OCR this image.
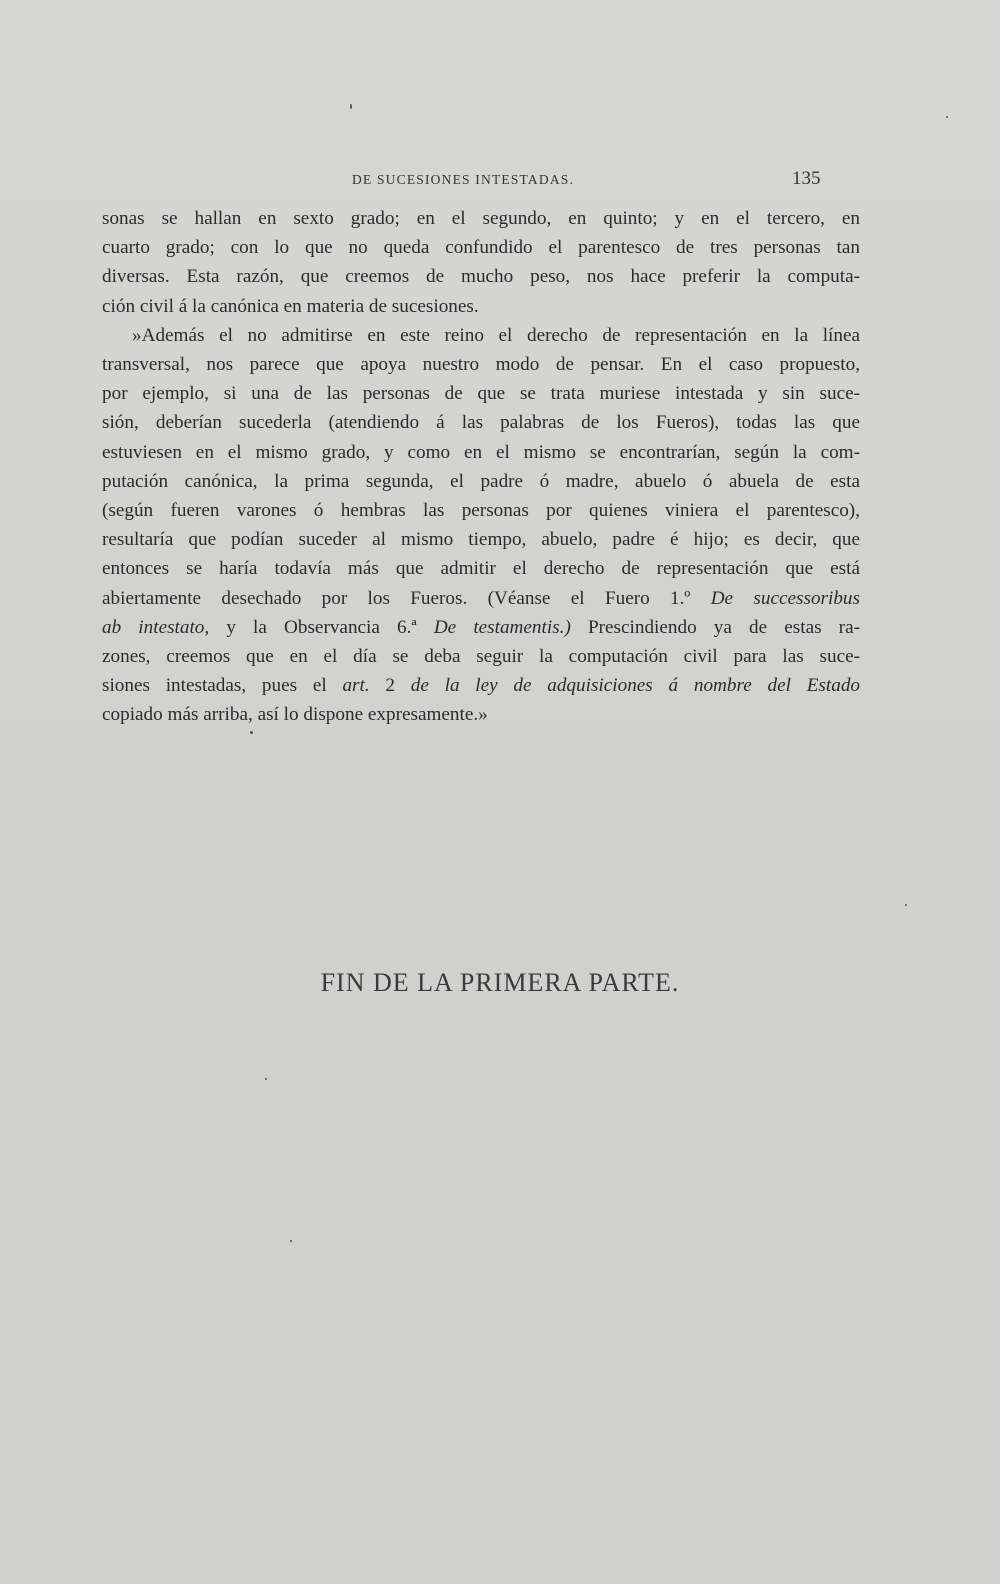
DE SUCESIONES INTESTADAS.	135
sonas se hallan en sexto grado; en el segundo, en quinto; y en el tercero, en
cuarto grado; con lo que no queda confundido el parentesco de tres personas tan
diversas. Esta razón, que creemos de mucho peso, nos hace preferir la computa-
ción civil á la canónica en materia de sucesiones.
»Además el no admitirse en este reino el derecho de representación en la línea
transversal, nos parece que apoya nuestro modo de pensar. En el caso propuesto,
por ejemplo, si una de las personas de que se trata muriese intestada y sin suce-
sión, deberían sucederla (atendiendo á las palabras de los Fueros), todas las que
estuviesen en el mismo grado, y como en el mismo se encontrarían, según la com-
putación canónica, la prima segunda, el padre ó madre, abuelo ó abuela de esta
(según fueren varones ó hembras las personas por quienes viniera el parentesco),
resultaría que podían suceder al mismo tiempo, abuelo, padre é hijo; es decir, que
entonces se haría todavía más que admitir el derecho de representación que está
abiertamente desechado por los Fueros. (Véanse el Fuero 1.º De successoribus
ab intestato, y la Observancia 6.ª De testamentis.) Prescindiendo ya de estas ra-
zones, creemos que en el día se deba seguir la computación civil para las suce-
siones intestadas, pues el art. 2 de la ley de adquisiciones á nombre del Estado
copiado más arriba, así lo dispone expresamente.»
FIN DE LA PRIMERA PARTE.
